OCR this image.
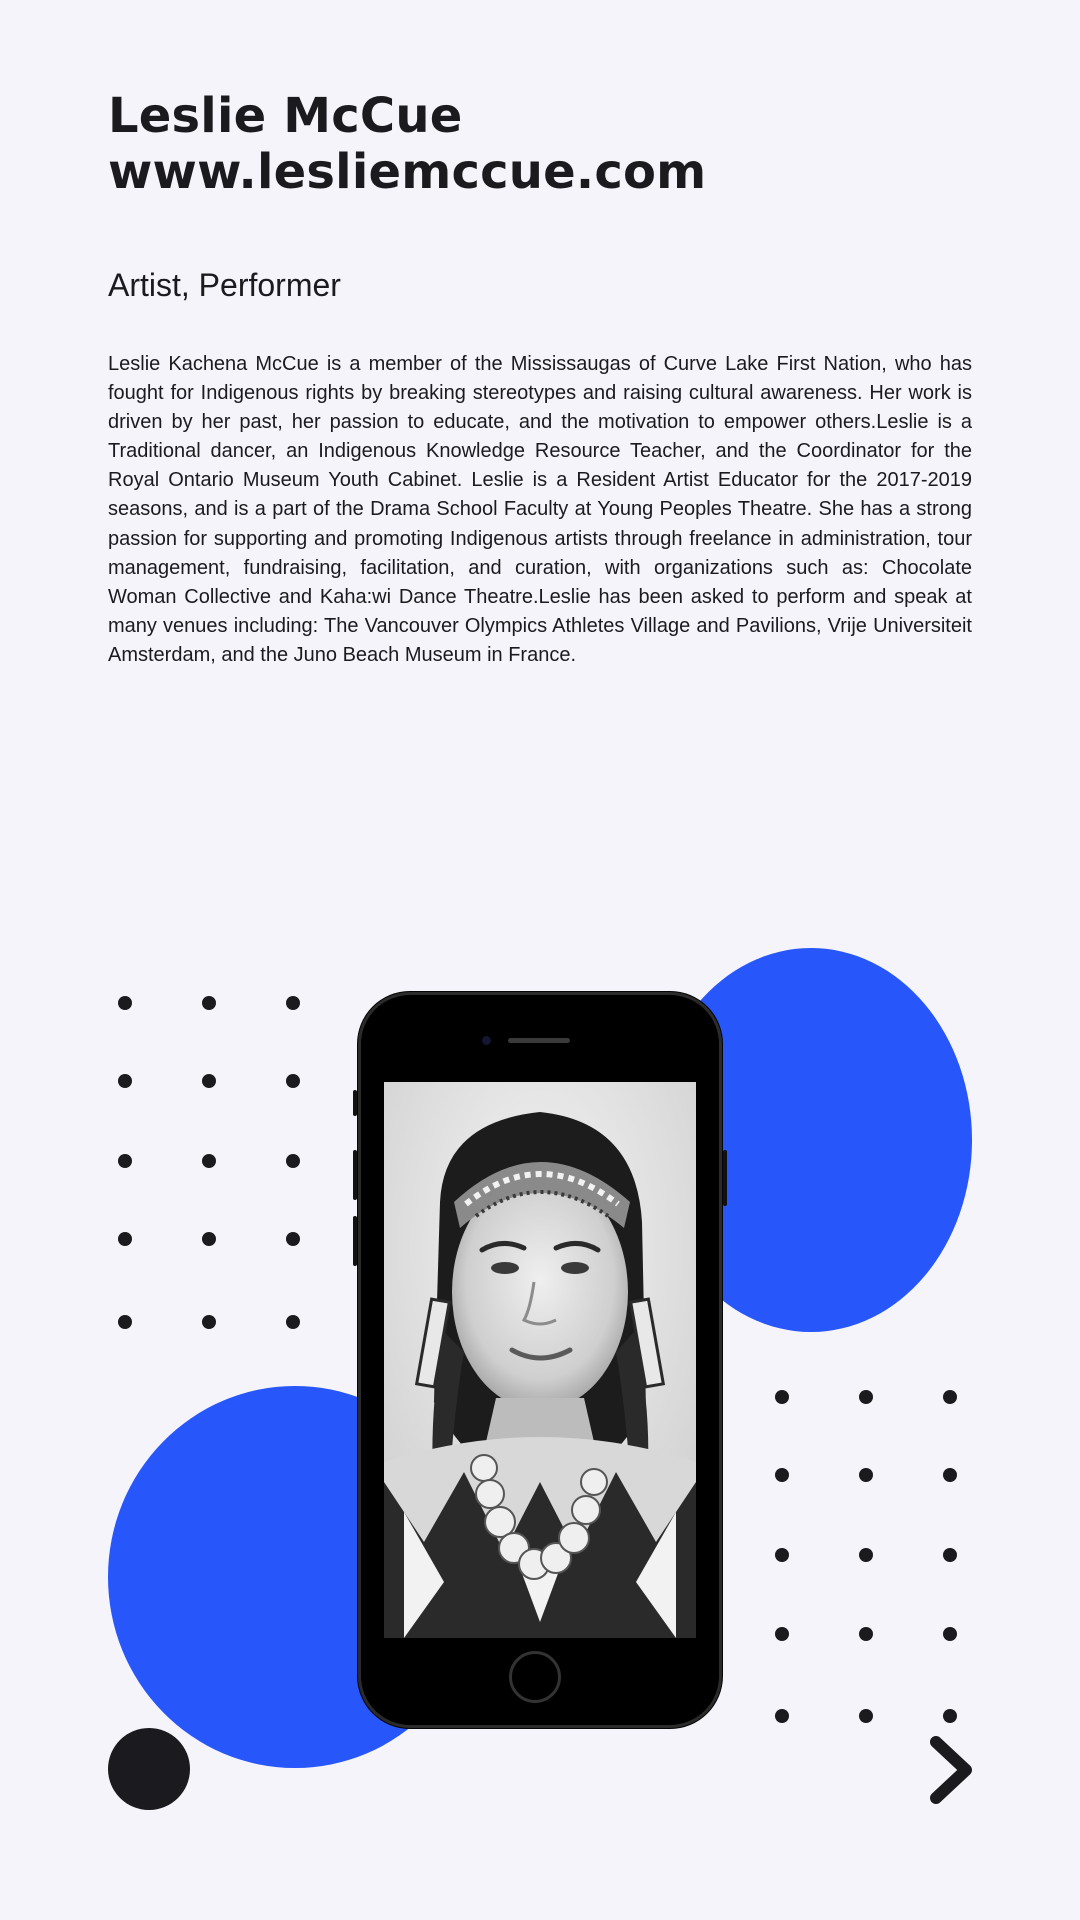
Leslie McCue
www.lesliemccue.com
Artist, Performer

Leslie Kachena McCue is a member of the Mississaugas of Curve Lake First Nation, who has fought for Indigenous rights by breaking stereotypes and raising cultural awareness. Her work is driven by her past, her passion to educate, and the motivation to empower others.Leslie is a Traditional dancer, an Indigenous Knowledge Resource Teacher, and the Coordinator for the Royal Ontario Museum Youth Cabinet. Leslie is a Resident Artist Educator for the 2017-2019 seasons, and is a part of the Drama School Faculty at Young Peoples Theatre. She has a strong passion for supporting and promoting Indigenous artists through freelance in administration, tour management, fundraising, facilitation, and curation, with organizations such as: Chocolate Woman Collective and Kaha:wi Dance Theatre.Leslie has been asked to perform and speak at many venues including: The Vancouver Olympics Athletes Village and Pavilions, Vrije Universiteit Amsterdam, and the Juno Beach Museum in France.
